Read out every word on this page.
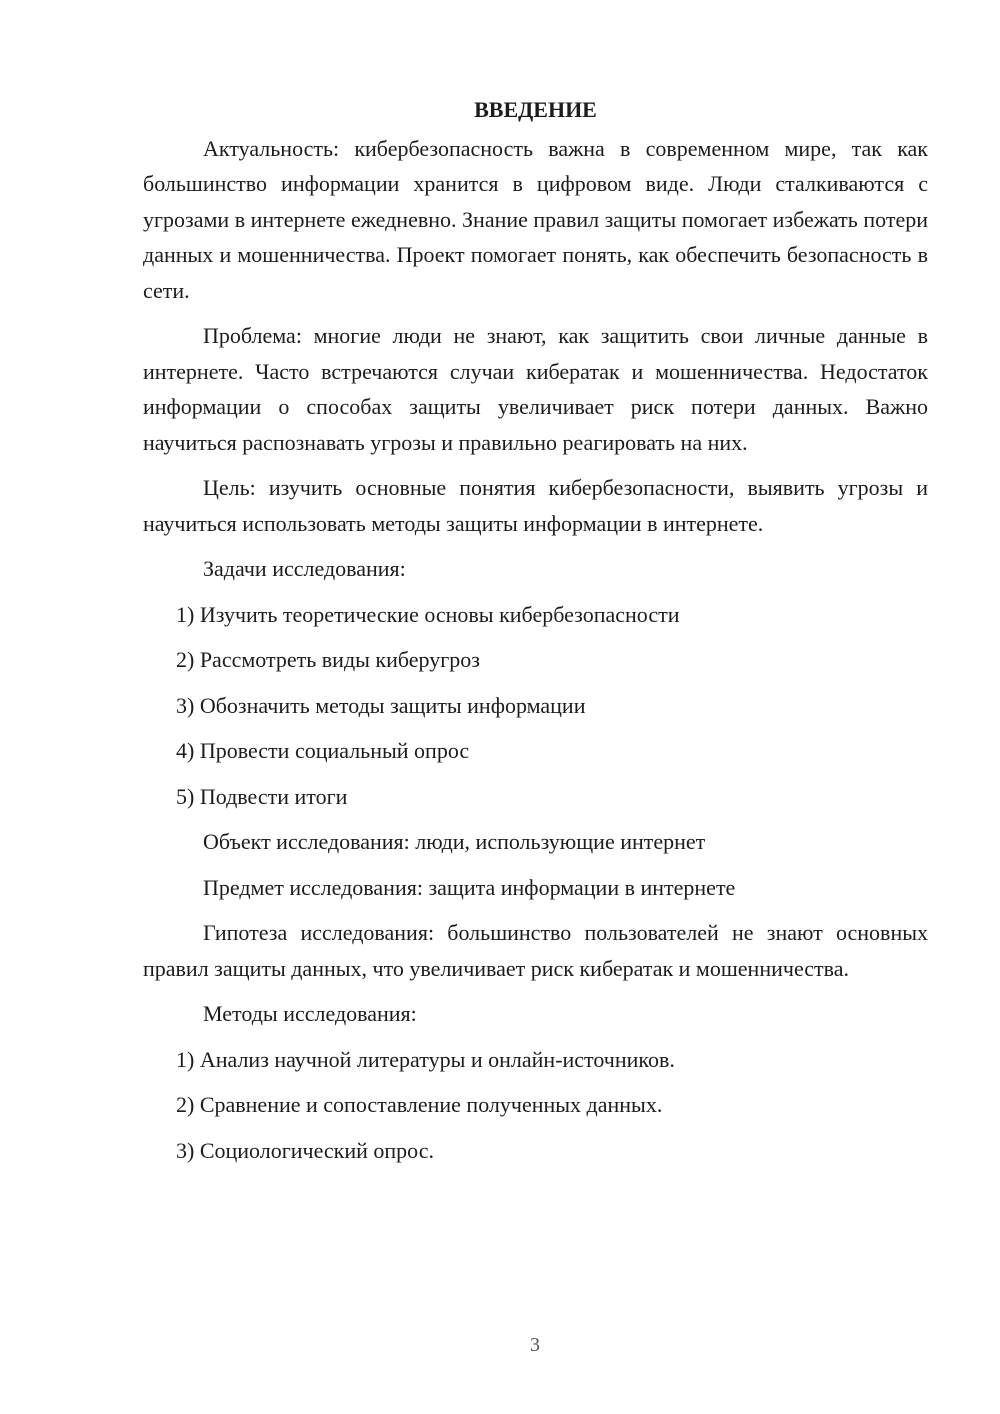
ВВЕДЕНИЕ

Актуальность: кибербезопасность важна в современном мире, так как большинство информации хранится в цифровом виде. Люди сталкиваются с угрозами в интернете ежедневно. Знание правил защиты помогает избежать потери данных и мошенничества. Проект помогает понять, как обеспечить безопасность в сети.

Проблема: многие люди не знают, как защитить свои личные данные в интернете. Часто встречаются случаи кибератак и мошенничества. Недостаток информации о способах защиты увеличивает риск потери данных. Важно научиться распознавать угрозы и правильно реагировать на них.

Цель: изучить основные понятия кибербезопасности, выявить угрозы и научиться использовать методы защиты информации в интернете.

Задачи исследования:

1) Изучить теоретические основы кибербезопасности

2) Рассмотреть виды киберугроз

3) Обозначить методы защиты информации

4) Провести социальный опрос

5) Подвести итоги

Объект исследования: люди, использующие интернет

Предмет исследования: защита информации в интернете

Гипотеза исследования: большинство пользователей не знают основных правил защиты данных, что увеличивает риск кибератак и мошенничества.

Методы исследования:

1) Анализ научной литературы и онлайн-источников.

2) Сравнение и сопоставление полученных данных.

3) Социологический опрос.

3
